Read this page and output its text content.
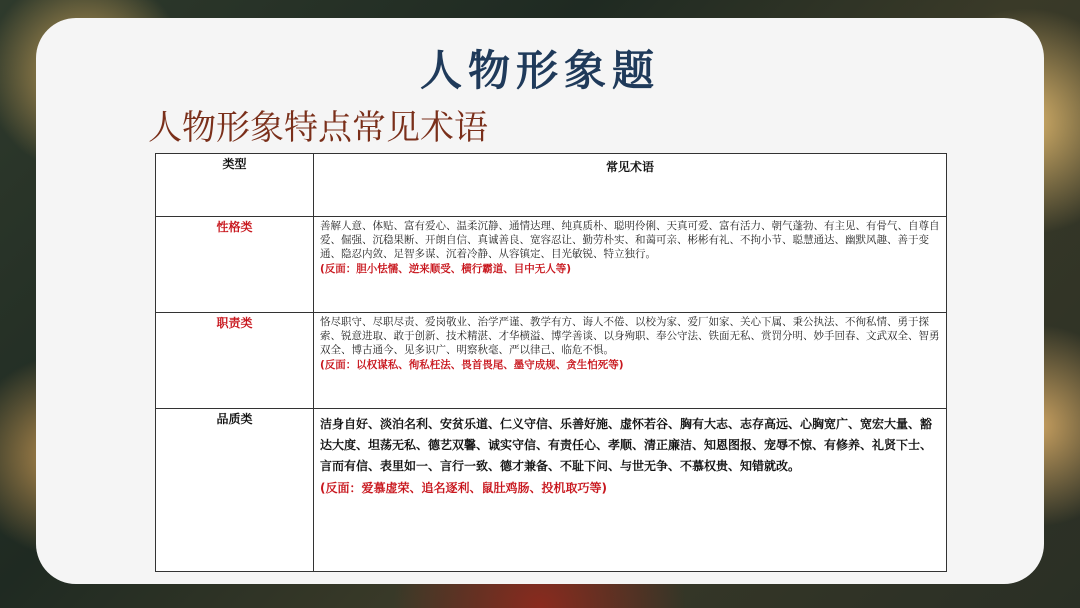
人物形象题
人物形象特点常见术语
类型	常见术语
性格类	善解人意、体贴、富有爱心、温柔沉静、通情达理、纯真质朴、聪明伶俐、天真可爱、富有活力、朝气蓬勃、有主见、有骨气、自尊自爱、倔强、沉稳果断、开朗自信、真诚善良、宽容忍让、勤劳朴实、和蔼可亲、彬彬有礼、不拘小节、聪慧通达、幽默风趣、善于变通、隐忍内敛、足智多谋、沉着冷静、从容镇定、目光敏锐、特立独行。
(反面：胆小怯懦、逆来顺受、横行霸道、目中无人等)

职责类	恪尽职守、尽职尽责、爱岗敬业、治学严谨、教学有方、诲人不倦、以校为家、爱厂如家、关心下属、秉公执法、不徇私情、勇于探索、锐意进取、敢于创新、技术精湛、才华横溢、博学善谈、以身殉职、奉公守法、铁面无私、赏罚分明、妙手回春、文武双全、智勇双全、博古通今、见多识广、明察秋毫、严以律己、临危不惧。
(反面：以权谋私、徇私枉法、畏首畏尾、墨守成规、贪生怕死等)

品质类	洁身自好、淡泊名利、安贫乐道、仁义守信、乐善好施、虚怀若谷、胸有大志、志存高远、心胸宽广、宽宏大量、豁达大度、坦荡无私、德艺双馨、诚实守信、有责任心、孝顺、清正廉洁、知恩图报、宠辱不惊、有修养、礼贤下士、言而有信、表里如一、言行一致、德才兼备、不耻下问、与世无争、不慕权贵、知错就改。
(反面：爱慕虚荣、追名逐利、鼠肚鸡肠、投机取巧等)
